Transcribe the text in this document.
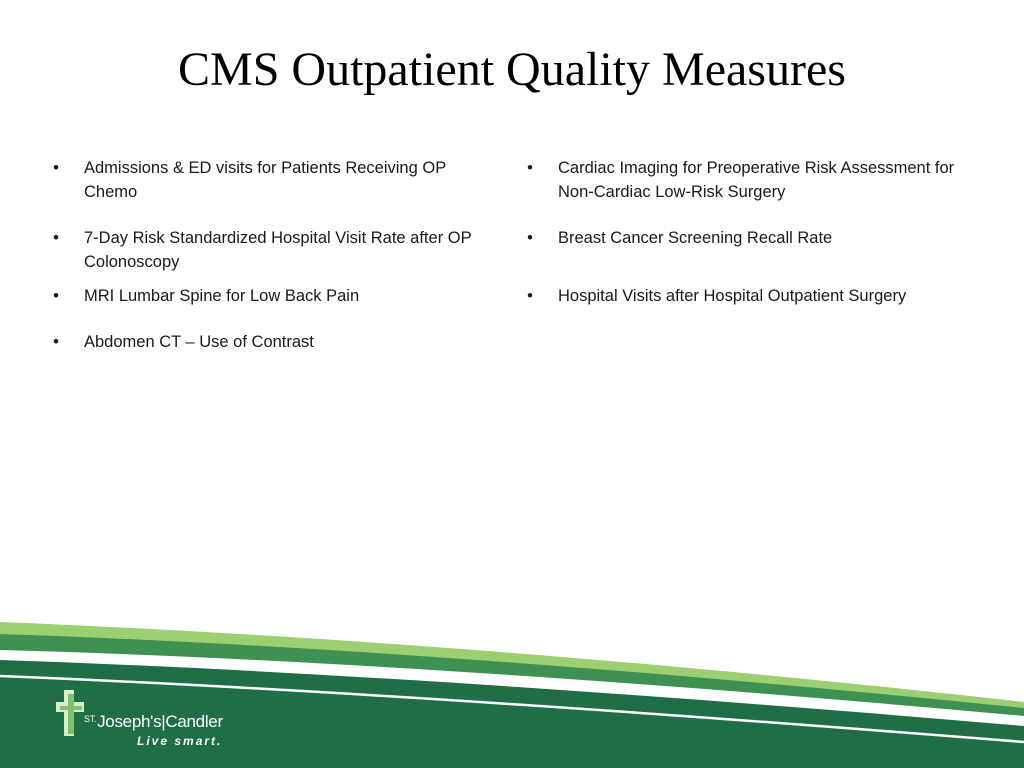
CMS Outpatient Quality Measures
• Admissions & ED visits for Patients Receiving OP Chemo
• 7-Day Risk Standardized Hospital Visit Rate after OP Colonoscopy
• MRI Lumbar Spine for Low Back Pain
• Abdomen CT – Use of Contrast
• Cardiac Imaging for Preoperative Risk Assessment for Non-Cardiac Low-Risk Surgery
• Breast Cancer Screening Recall Rate
• Hospital Visits after Hospital Outpatient Surgery
$^{ST.}$Joseph's|Candler
Live smart.
